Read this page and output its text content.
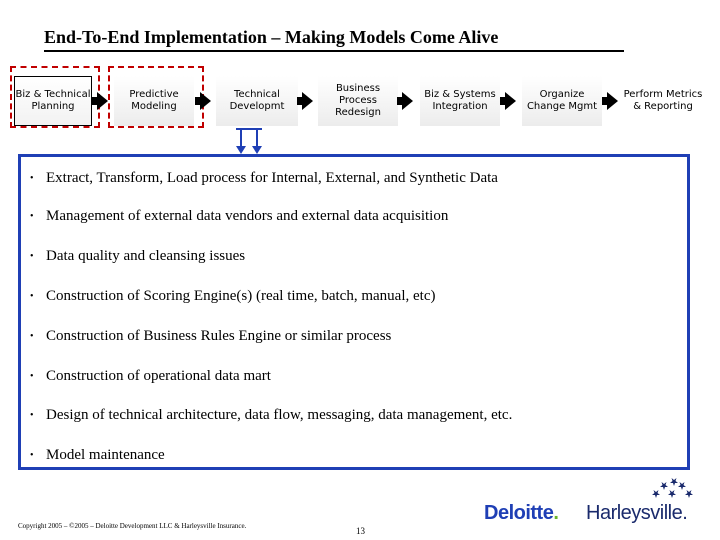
End-To-End Implementation – Making Models Come Alive
Biz & Technical Planning
Predictive Modeling
Technical Developmt
Business Process Redesign
Biz & Systems Integration
Organize Change Mgmt
Perform Metrics & Reporting
• Extract, Transform, Load process for Internal, External, and Synthetic Data
• Management of external data vendors and external data acquisition
• Data quality and cleansing issues
• Construction of Scoring Engine(s) (real time, batch, manual, etc)
• Construction of Business Rules Engine or similar process
• Construction of operational data mart
• Design of technical architecture, data flow, messaging, data management, etc.
• Model maintenance
Copyright 2005 – ©2005 – Deloitte Development LLC & Harleysville Insurance.	13
Deloitte. Harleysville.
